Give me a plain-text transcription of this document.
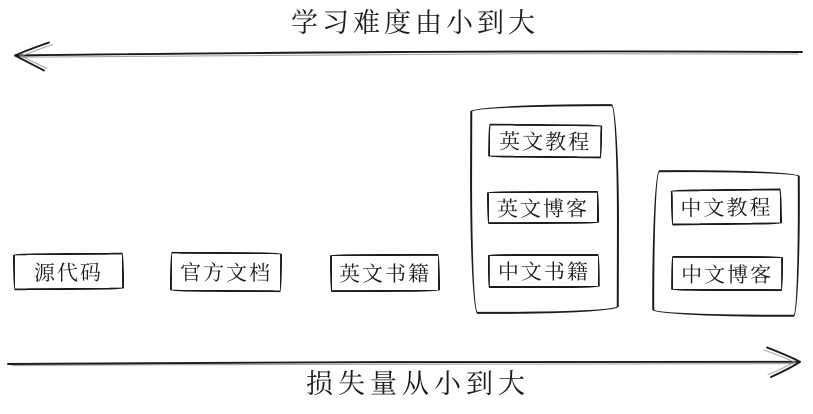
学习难度由小到大
源代码	官方文档	英文书籍
英文教程
英文博客
中文书籍
中文教程
中文博客
损失量从小到大
